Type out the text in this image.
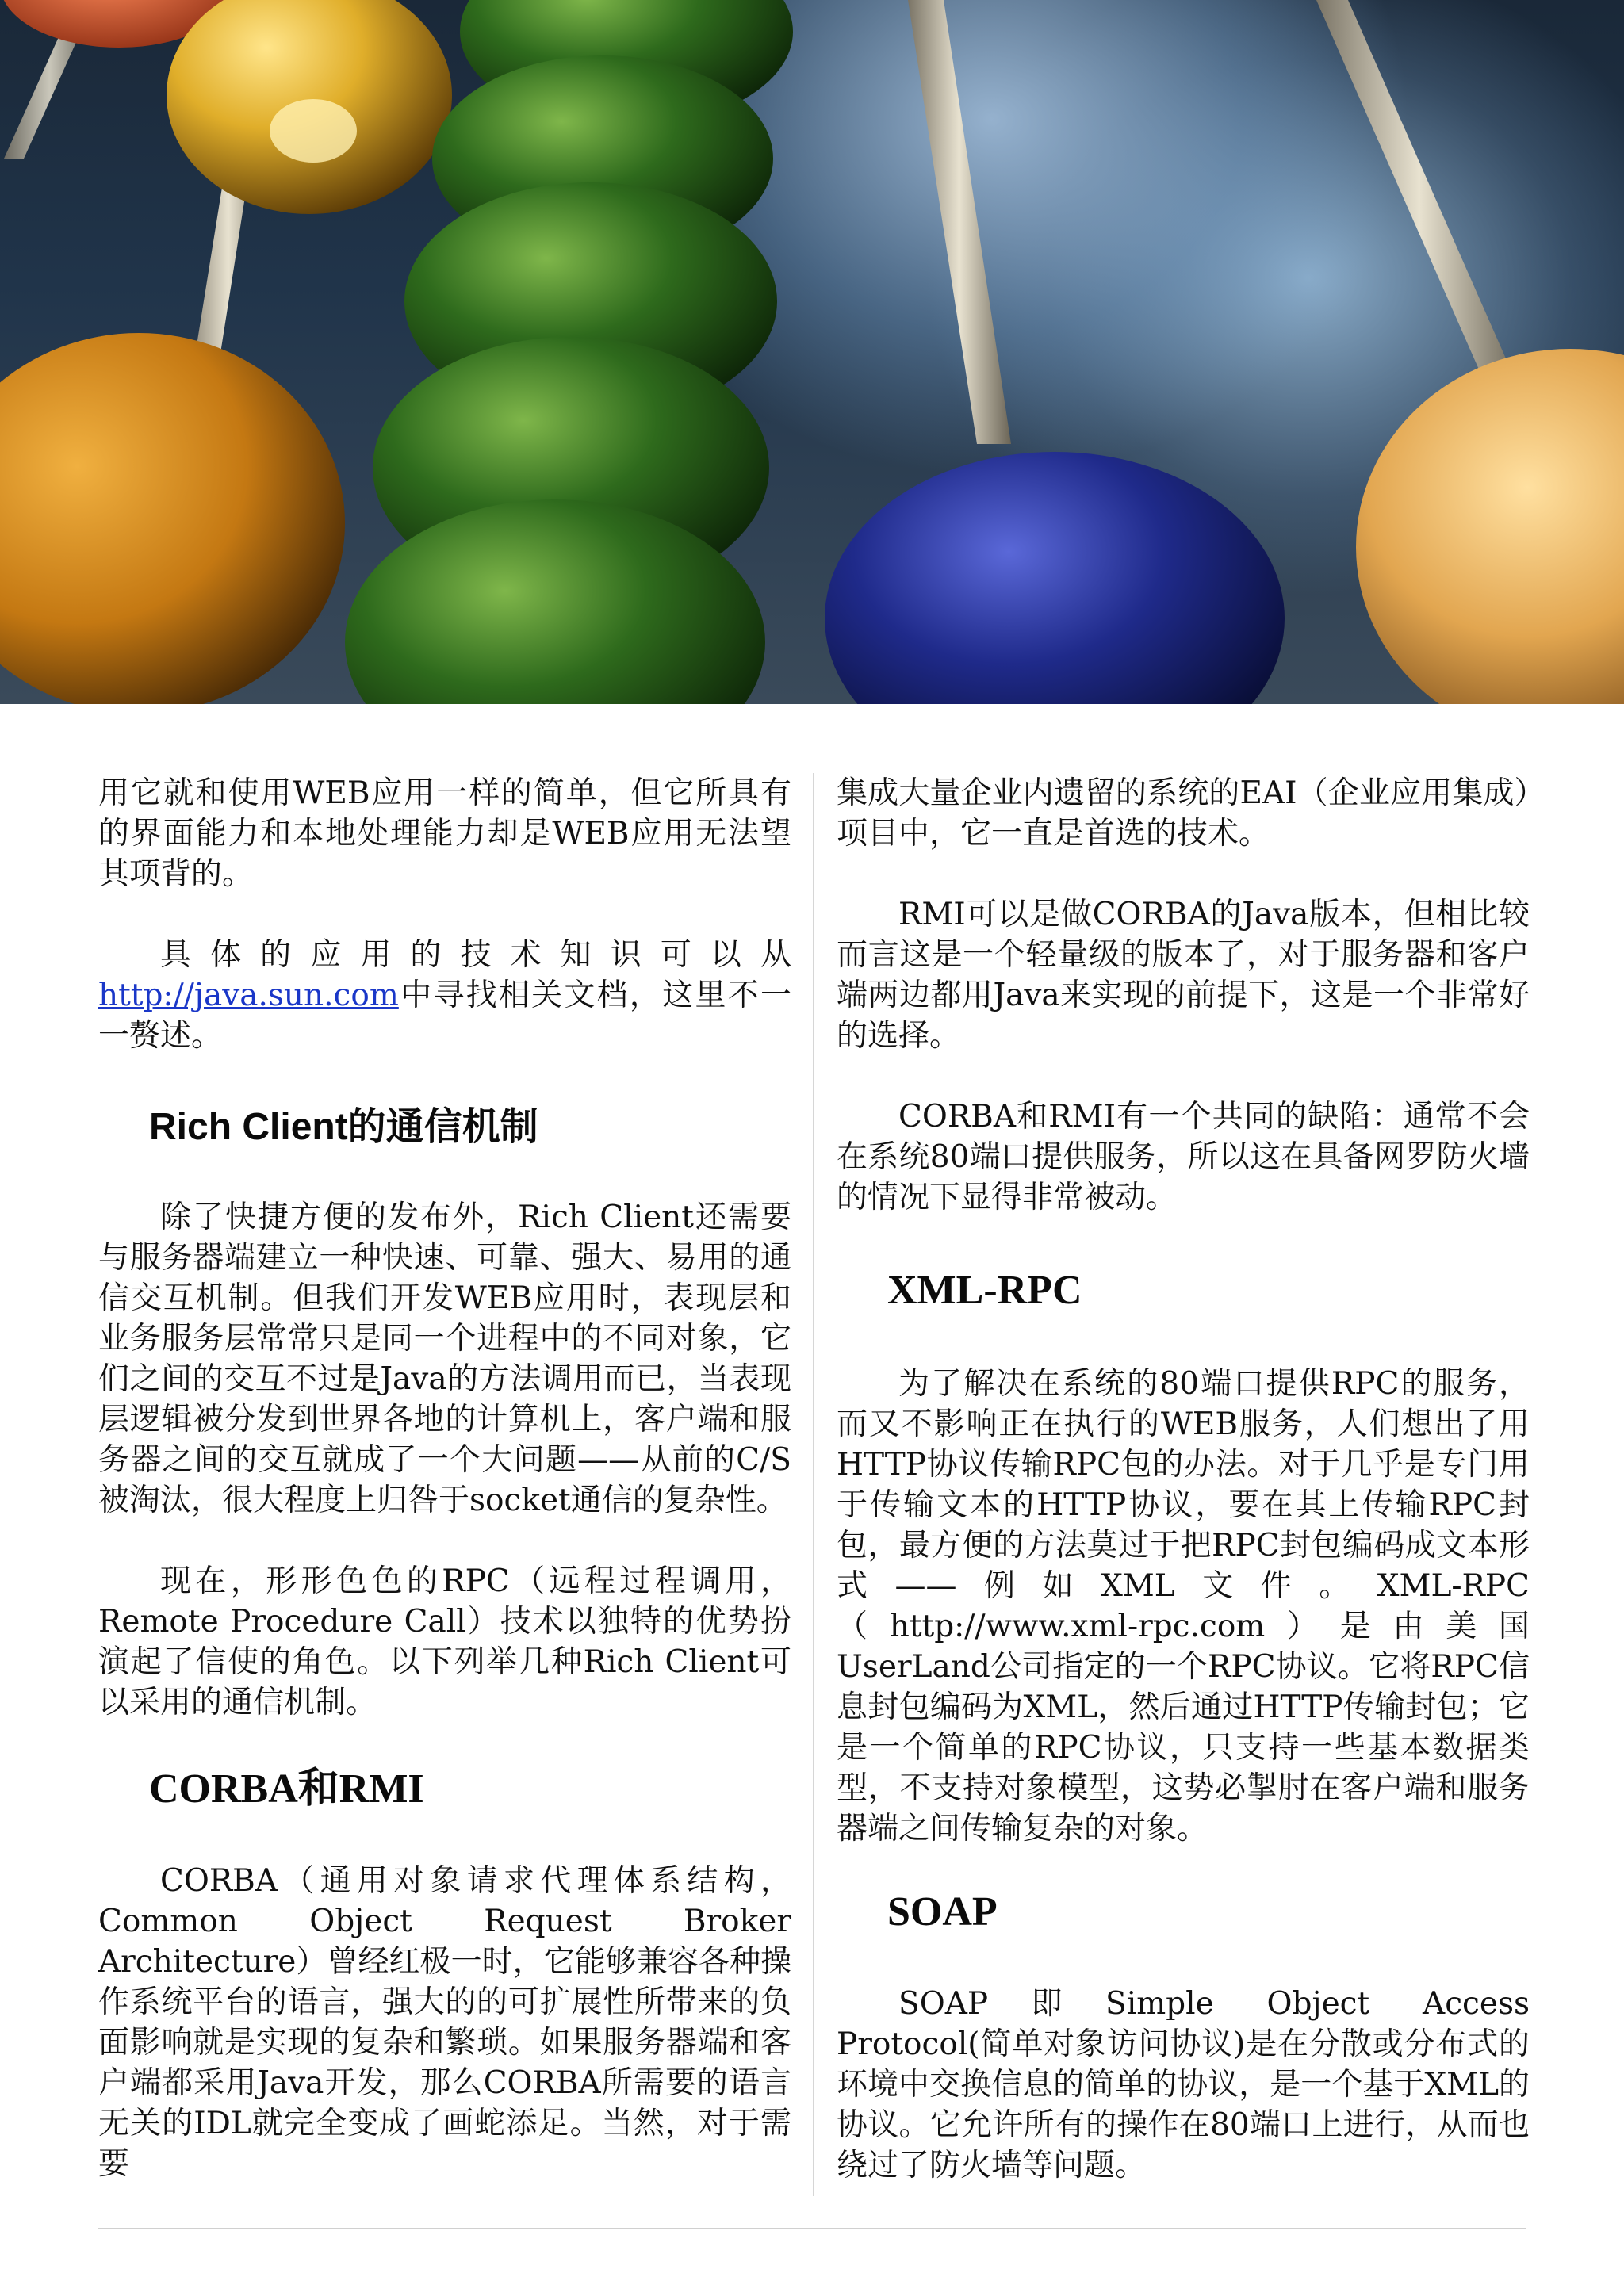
用它就和使用WEB应用一样的简单，但它所具有的界面能力和本地处理能力却是WEB应用无法望其项背的。

具体的应用的技术知识可以从http://java.sun.com中寻找相关文档，这里不一一赘述。

Rich Client的通信机制

除了快捷方便的发布外，Rich Client还需要与服务器端建立一种快速、可靠、强大、易用的通信交互机制。但我们开发WEB应用时，表现层和业务服务层常常只是同一个进程中的不同对象，它们之间的交互不过是Java的方法调用而已，当表现层逻辑被分发到世界各地的计算机上，客户端和服务器之间的交互就成了一个大问题——从前的C/S被淘汰，很大程度上归咎于socket通信的复杂性。

现在，形形色色的RPC（远程过程调用，Remote Procedure Call）技术以独特的优势扮演起了信使的角色。以下列举几种Rich Client可以采用的通信机制。

CORBA和RMI

CORBA（通用对象请求代理体系结构，Common Object Request Broker Architecture）曾经红极一时，它能够兼容各种操作系统平台的语言，强大的的可扩展性所带来的负面影响就是实现的复杂和繁琐。如果服务器端和客户端都采用Java开发，那么CORBA所需要的语言无关的IDL就完全变成了画蛇添足。当然，对于需要

集成大量企业内遗留的系统的EAI（企业应用集成）项目中，它一直是首选的技术。

RMI可以是做CORBA的Java版本，但相比较而言这是一个轻量级的版本了，对于服务器和客户端两边都用Java来实现的前提下，这是一个非常好的选择。

CORBA和RMI有一个共同的缺陷：通常不会在系统80端口提供服务，所以这在具备网罗防火墙的情况下显得非常被动。

XML-RPC

为了解决在系统的80端口提供RPC的服务，而又不影响正在执行的WEB服务，人们想出了用HTTP协议传输RPC包的办法。对于几乎是专门用于传输文本的HTTP协议，要在其上传输RPC封包，最方便的方法莫过于把RPC封包编码成文本形式——例如XML文件。XML-RPC（http://www.xml-rpc.com）是由美国UserLand公司指定的一个RPC协议。它将RPC信息封包编码为XML，然后通过HTTP传输封包；它是一个简单的RPC协议，只支持一些基本数据类型，不支持对象模型，这势必掣肘在客户端和服务器端之间传输复杂的对象。

SOAP

SOAP即Simple Object Access Protocol(简单对象访问协议)是在分散或分布式的环境中交换信息的简单的协议，是一个基于XML的协议。它允许所有的操作在80端口上进行，从而也绕过了防火墙等问题。
